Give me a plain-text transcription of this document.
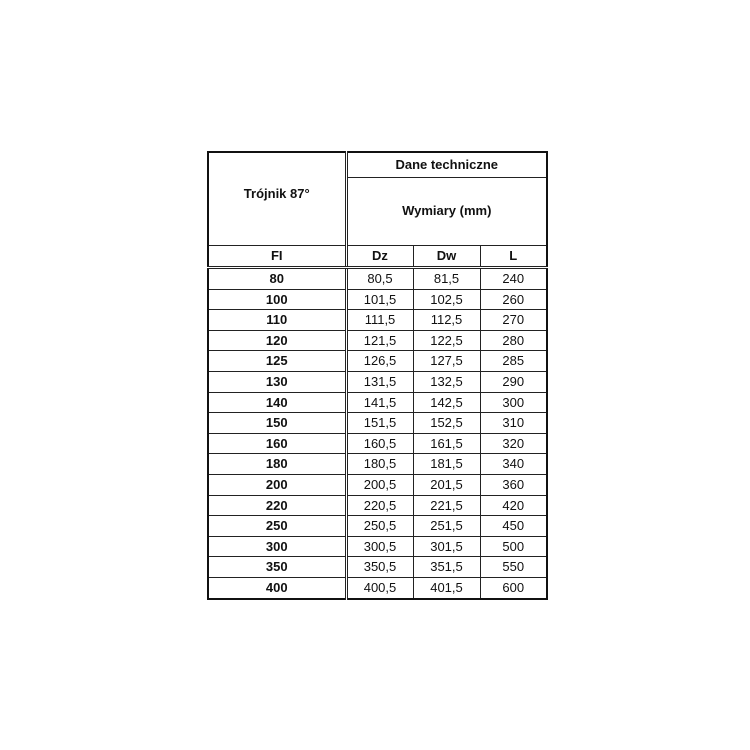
Trójnik 87°	Dane techniczne		
	Wymiary (mm)		
FI	Dz	Dw	L
80	80,5	81,5	240
100	101,5	102,5	260
110	111,5	112,5	270
120	121,5	122,5	280
125	126,5	127,5	285
130	131,5	132,5	290
140	141,5	142,5	300
150	151,5	152,5	310
160	160,5	161,5	320
180	180,5	181,5	340
200	200,5	201,5	360
220	220,5	221,5	420
250	250,5	251,5	450
300	300,5	301,5	500
350	350,5	351,5	550
400	400,5	401,5	600
